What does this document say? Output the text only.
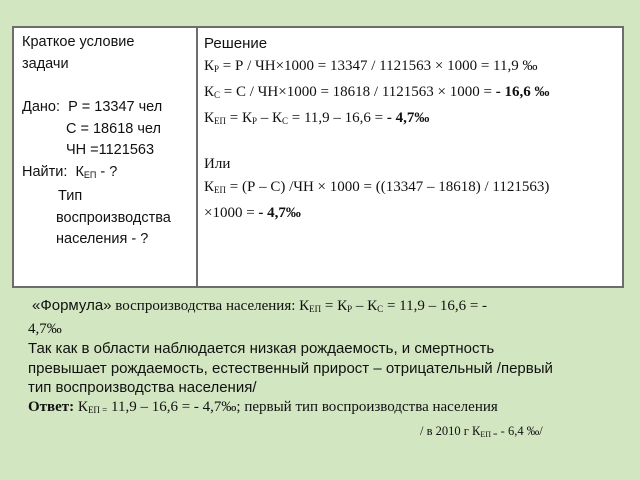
Краткое условие
задачи
Дано: Р = 13347 чел
С = 18618 чел
ЧН =1121563
Найти: $К_{ЕП}$ - ?
Тип
воспроизводства
населения - ?
Решение
$К_Р = Р / ЧН\times 1000 = 13347 / 1121563 \times 1000 = 11,9$ ‰
$К_С = С / ЧН\times 1000 = 18618 / 1121563 \times 1000$ = - 16,6 ‰
$К_{ЕП} = К_Р - К_С = 11,9 - 16,6$ = - 4,7‰
Или
$К_{ЕП} = (Р - С) /ЧН \times 1000 = ((13347 - 18618) / 1121563)$
×1000 = - 4,7‰
«Формула» воспроизводства населения: $К_{ЕП} = К_Р - К_С = 11,9 - 16,6$ = -
4,7‰
Так как в области наблюдается низкая рождаемость, и смертность
превышает рождаемость, естественный прирост – отрицательный /первый
тип воспроизводства населения/
Ответ: $К_{ЕП =}$ 11,9 – 16,6 = - 4,7‰; первый тип воспроизводства населения
/ в 2010 г $К_{ЕП =} - 6,4$ ‰/
